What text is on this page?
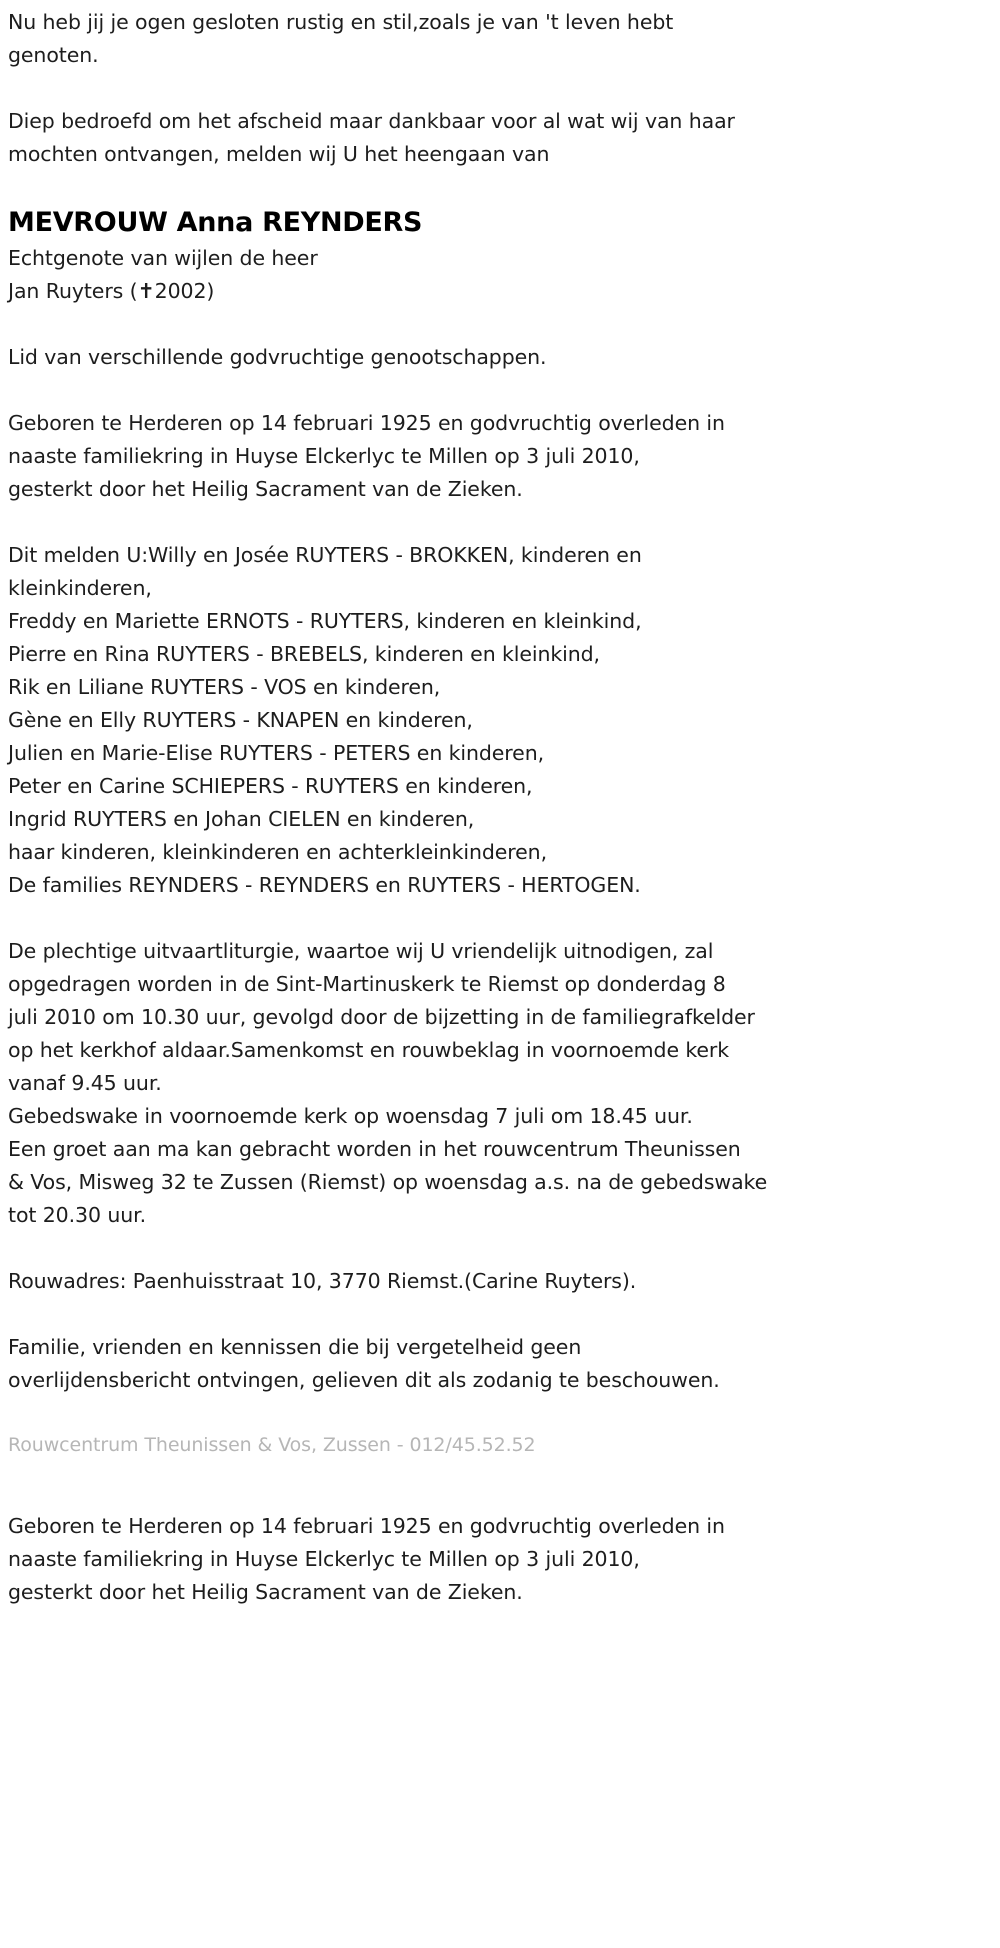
Nu heb jij je ogen gesloten rustig en stil,zoals je van 't leven hebt
genoten.

Diep bedroefd om het afscheid maar dankbaar voor al wat wij van haar
mochten ontvangen, melden wij U het heengaan van

MEVROUW Anna REYNDERS

Echtgenote van wijlen de heer
Jan Ruyters (✝2002)

Lid van verschillende godvruchtige genootschappen.

Geboren te Herderen op 14 februari 1925 en godvruchtig overleden in
naaste familiekring in Huyse Elckerlyc te Millen op 3 juli 2010,
gesterkt door het Heilig Sacrament van de Zieken.

Dit melden U:Willy en Josée RUYTERS - BROKKEN, kinderen en
kleinkinderen,
Freddy en Mariette ERNOTS - RUYTERS, kinderen en kleinkind,
Pierre en Rina RUYTERS - BREBELS, kinderen en kleinkind,
Rik en Liliane RUYTERS - VOS en kinderen,
Gène en Elly RUYTERS - KNAPEN en kinderen,
Julien en Marie-Elise RUYTERS - PETERS en kinderen,
Peter en Carine SCHIEPERS - RUYTERS en kinderen,
Ingrid RUYTERS en Johan CIELEN en kinderen,
haar kinderen, kleinkinderen en achterkleinkinderen,
De families REYNDERS - REYNDERS en RUYTERS - HERTOGEN.

De plechtige uitvaartliturgie, waartoe wij U vriendelijk uitnodigen, zal
opgedragen worden in de Sint-Martinuskerk te Riemst op donderdag 8
juli 2010 om 10.30 uur, gevolgd door de bijzetting in de familiegrafkelder
op het kerkhof aldaar.Samenkomst en rouwbeklag in voornoemde kerk
vanaf 9.45 uur.
Gebedswake in voornoemde kerk op woensdag 7 juli om 18.45 uur.
Een groet aan ma kan gebracht worden in het rouwcentrum Theunissen
& Vos, Misweg 32 te Zussen (Riemst) op woensdag a.s. na de gebedswake
tot 20.30 uur.

Rouwadres: Paenhuisstraat 10, 3770 Riemst.(Carine Ruyters).

Familie, vrienden en kennissen die bij vergetelheid geen
overlijdensbericht ontvingen, gelieven dit als zodanig te beschouwen.

Rouwcentrum Theunissen & Vos, Zussen - 012/45.52.52

Geboren te Herderen op 14 februari 1925 en godvruchtig overleden in
naaste familiekring in Huyse Elckerlyc te Millen op 3 juli 2010,
gesterkt door het Heilig Sacrament van de Zieken.
